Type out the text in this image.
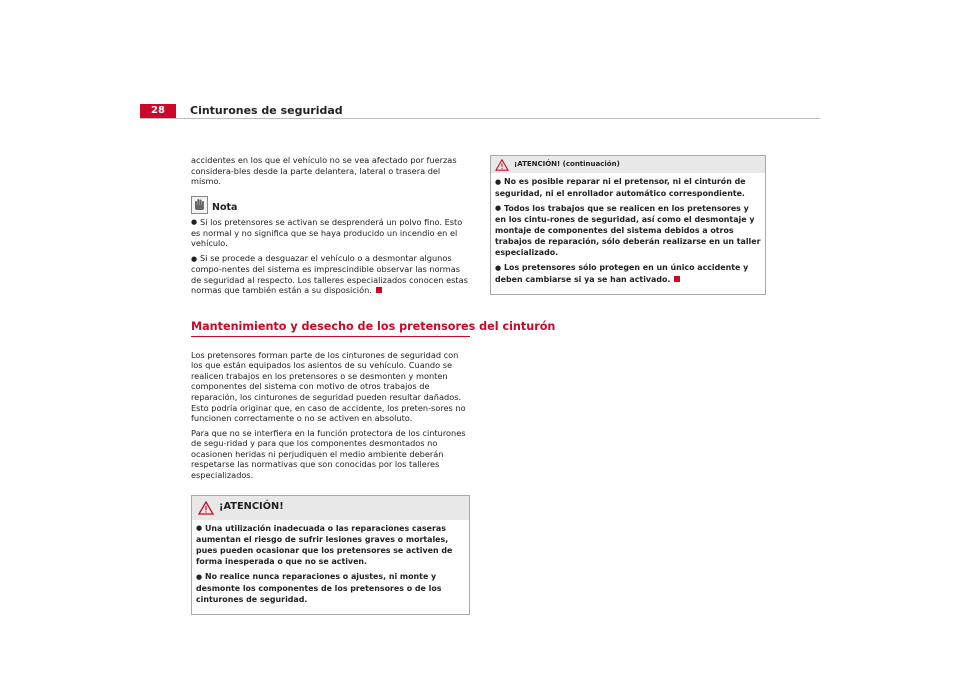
28	Cinturones de seguridad

accidentes en los que el vehículo no se vea afectado por fuerzas considera-bles desde la parte delantera, lateral o trasera del mismo.

Nota

● Si los pretensores se activan se desprenderá un polvo fino. Esto es normal y no significa que se haya producido un incendio en el vehículo.

● Si se procede a desguazar el vehículo o a desmontar algunos compo-nentes del sistema es imprescindible observar las normas de seguridad al respecto. Los talleres especializados conocen estas normas que también están a su disposición.

Mantenimiento y desecho de los pretensores del cinturón

Los pretensores forman parte de los cinturones de seguridad con los que están equipados los asientos de su vehículo. Cuando se realicen trabajos en los pretensores o se desmonten y monten componentes del sistema con motivo de otros trabajos de reparación, los cinturones de seguridad pueden resultar dañados. Esto podría originar que, en caso de accidente, los preten-sores no funcionen correctamente o no se activen en absoluto.

Para que no se interfiera en la función protectora de los cinturones de segu-ridad y para que los componentes desmontados no ocasionen heridas ni perjudiquen el medio ambiente deberán respetarse las normativas que son conocidas por los talleres especializados.

¡ATENCIÓN!

● Una utilización inadecuada o las reparaciones caseras aumentan el riesgo de sufrir lesiones graves o mortales, pues pueden ocasionar que los pretensores se activen de forma inesperada o que no se activen.

● No realice nunca reparaciones o ajustes, ni monte y desmonte los componentes de los pretensores o de los cinturones de seguridad.

¡ATENCIÓN! (continuación)

● No es posible reparar ni el pretensor, ni el cinturón de seguridad, ni el enrollador automático correspondiente.

● Todos los trabajos que se realicen en los pretensores y en los cintu-rones de seguridad, así como el desmontaje y montaje de componentes del sistema debidos a otros trabajos de reparación, sólo deberán realizarse en un taller especializado.

● Los pretensores sólo protegen en un único accidente y deben cambiarse si ya se han activado.
